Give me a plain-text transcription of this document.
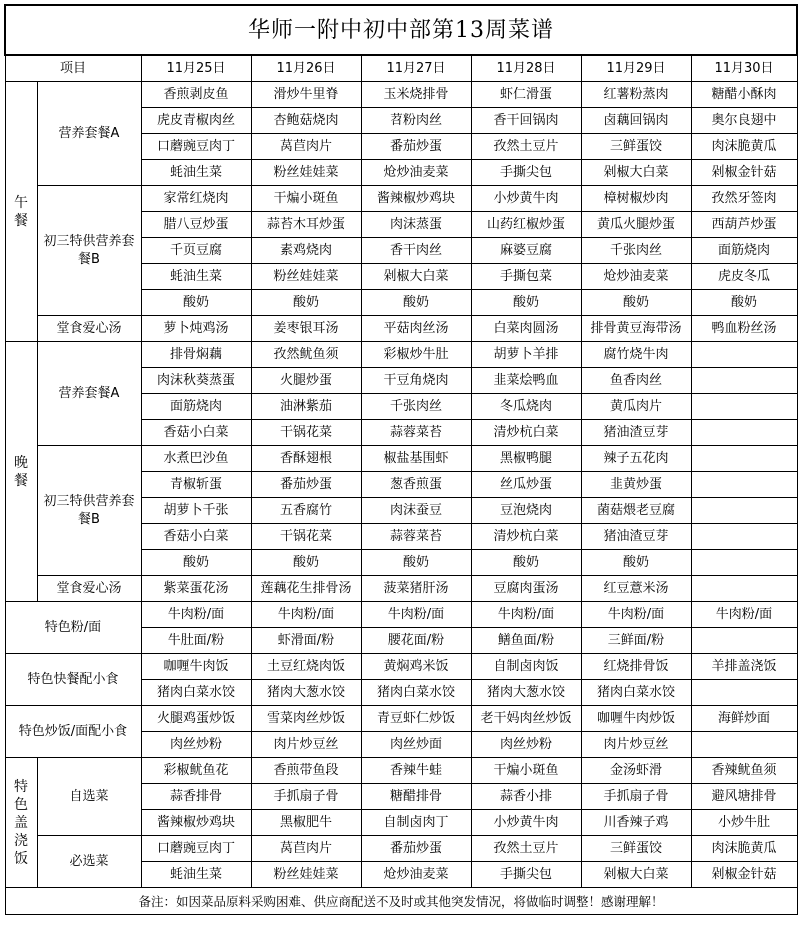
华师一附中初中部第13周菜谱							
项目		11月25日	11月26日	11月27日	11月28日	11月29日	11月30日
午餐	营养套餐A	香煎剥皮鱼	滑炒牛里脊	玉米烧排骨	虾仁滑蛋	红薯粉蒸肉	糖醋小酥肉
		虎皮青椒肉丝	杏鲍菇烧肉	苕粉肉丝	香干回锅肉	卤藕回锅肉	奥尔良翅中
		口蘑豌豆肉丁	莴苣肉片	番茄炒蛋	孜然土豆片	三鲜蛋饺	肉沫脆黄瓜
		蚝油生菜	粉丝娃娃菜	炝炒油麦菜	手撕尖包	剁椒大白菜	剁椒金针菇
	初三特供营养套餐B	家常红烧肉	干煸小斑鱼	酱辣椒炒鸡块	小炒黄牛肉	樟树椒炒肉	孜然牙签肉
		腊八豆炒蛋	蒜苔木耳炒蛋	肉沫蒸蛋	山药红椒炒蛋	黄瓜火腿炒蛋	西葫芦炒蛋
		千页豆腐	素鸡烧肉	香干肉丝	麻婆豆腐	千张肉丝	面筋烧肉
		蚝油生菜	粉丝娃娃菜	剁椒大白菜	手撕包菜	炝炒油麦菜	虎皮冬瓜
		酸奶	酸奶	酸奶	酸奶	酸奶	酸奶
	堂食爱心汤	萝卜炖鸡汤	姜枣银耳汤	平菇肉丝汤	白菜肉圆汤	排骨黄豆海带汤	鸭血粉丝汤
晚餐	营养套餐A	排骨焖藕	孜然鱿鱼须	彩椒炒牛肚	胡萝卜羊排	腐竹烧牛肉	
		肉沫秋葵蒸蛋	火腿炒蛋	干豆角烧肉	韭菜烩鸭血	鱼香肉丝	
		面筋烧肉	油淋紫茄	千张肉丝	冬瓜烧肉	黄瓜肉片	
		香菇小白菜	干锅花菜	蒜蓉菜苔	清炒杭白菜	猪油渣豆芽	
	初三特供营养套餐B	水煮巴沙鱼	香酥翅根	椒盐基围虾	黑椒鸭腿	辣子五花肉	
		青椒斩蛋	番茄炒蛋	葱香煎蛋	丝瓜炒蛋	韭黄炒蛋	
		胡萝卜千张	五香腐竹	肉沫蚕豆	豆泡烧肉	菌菇煨老豆腐	
		香菇小白菜	干锅花菜	蒜蓉菜苔	清炒杭白菜	猪油渣豆芽	
		酸奶	酸奶	酸奶	酸奶	酸奶	
	堂食爱心汤	紫菜蛋花汤	莲藕花生排骨汤	菠菜猪肝汤	豆腐肉蛋汤	红豆薏米汤	
特色粉/面		牛肉粉/面	牛肉粉/面	牛肉粉/面	牛肉粉/面	牛肉粉/面	牛肉粉/面
		牛肚面/粉	虾滑面/粉	腰花面/粉	鳝鱼面/粉	三鲜面/粉	
特色快餐配小食		咖喱牛肉饭	土豆红烧肉饭	黄焖鸡米饭	自制卤肉饭	红烧排骨饭	羊排盖浇饭
		猪肉白菜水饺	猪肉大葱水饺	猪肉白菜水饺	猪肉大葱水饺	猪肉白菜水饺	
特色炒饭/面配小食		火腿鸡蛋炒饭	雪菜肉丝炒饭	青豆虾仁炒饭	老干妈肉丝炒饭	咖喱牛肉炒饭	海鲜炒面
		肉丝炒粉	肉片炒豆丝	肉丝炒面	肉丝炒粉	肉片炒豆丝	
特色盖浇饭	自选菜	彩椒鱿鱼花	香煎带鱼段	香辣牛蛙	干煸小斑鱼	金汤虾滑	香辣鱿鱼须
		蒜香排骨	手抓扇子骨	糖醋排骨	蒜香小排	手抓扇子骨	避风塘排骨
		酱辣椒炒鸡块	黑椒肥牛	自制卤肉丁	小炒黄牛肉	川香辣子鸡	小炒牛肚
	必选菜	口蘑豌豆肉丁	莴苣肉片	番茄炒蛋	孜然土豆片	三鲜蛋饺	肉沫脆黄瓜
		蚝油生菜	粉丝娃娃菜	炝炒油麦菜	手撕尖包	剁椒大白菜	剁椒金针菇
备注：如因菜品原料采购困难、供应商配送不及时或其他突发情况，将做临时调整！感谢理解！							
